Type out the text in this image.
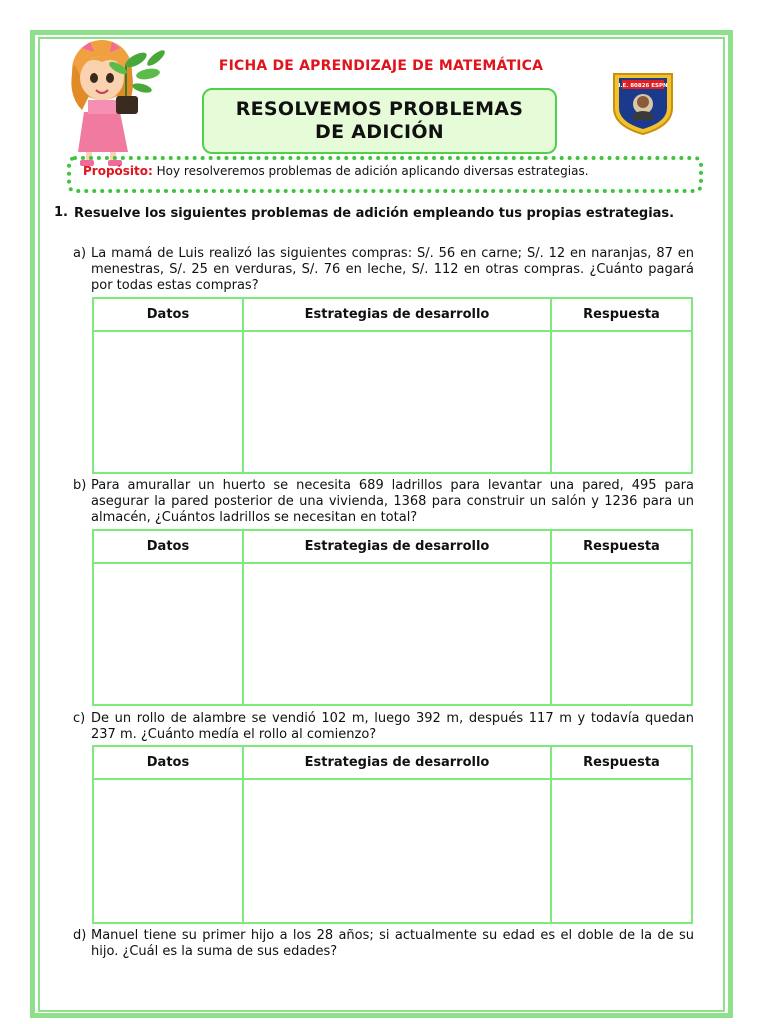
I.E. 80826 ESPN
FICHA DE APRENDIZAJE DE MATEMÁTICA
RESOLVEMOS PROBLEMAS
DE ADICIÓN
Propósito: Hoy resolveremos problemas de adición aplicando diversas estrategias.
1. Resuelve los siguientes problemas de adición empleando tus propias estrategias.
a) La mamá de Luis realizó las siguientes compras: S/. 56 en carne; S/. 12 en naranjas, 87 en menestras, S/. 25 en verduras, S/. 76 en leche, S/. 112 en otras compras. ¿Cuánto pagará por todas estas compras?
Datos	Estrategias de desarrollo	Respuesta

b) Para amurallar un huerto se necesita 689 ladrillos para levantar una pared, 495 para asegurar la pared posterior de una vivienda, 1368 para construir un salón y 1236 para un almacén, ¿Cuántos ladrillos se necesitan en total?
Datos	Estrategias de desarrollo	Respuesta

c) De un rollo de alambre se vendió 102 m, luego 392 m, después 117 m y todavía quedan 237 m. ¿Cuánto medía el rollo al comienzo?
Datos	Estrategias de desarrollo	Respuesta

d) Manuel tiene su primer hijo a los 28 años; si actualmente su edad es el doble de la de su hijo. ¿Cuál es la suma de sus edades?
